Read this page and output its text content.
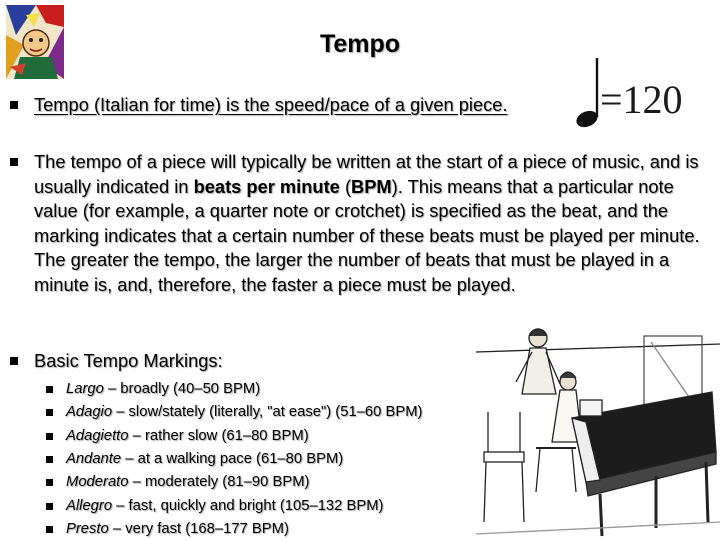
Tempo
Tempo (Italian for time) is the speed/pace of a given piece. =120
The tempo of a piece will typically be written at the start of a piece of music, and is usually indicated in beats per minute (BPM). This means that a particular note value (for example, a quarter note or crotchet) is specified as the beat, and the marking indicates that a certain number of these beats must be played per minute. The greater the tempo, the larger the number of beats that must be played in a minute is, and, therefore, the faster a piece must be played.
Basic Tempo Markings:
Largo – broadly (40–50 BPM)
Adagio – slow/stately (literally, "at ease") (51–60 BPM)
Adagietto – rather slow (61–80 BPM)
Andante – at a walking pace (61–80 BPM)
Moderato – moderately (81–90 BPM)
Allegro – fast, quickly and bright (105–132 BPM)
Presto – very fast (168–177 BPM)
